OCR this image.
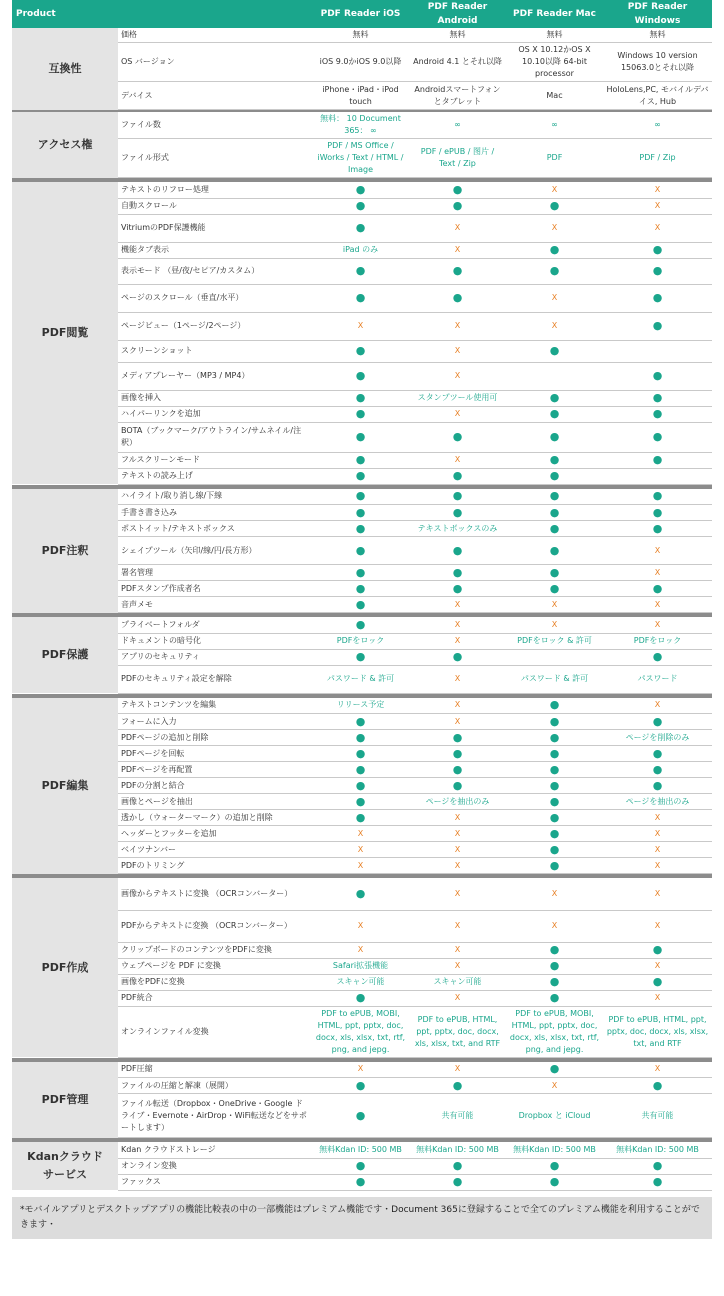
Product		PDF Reader iOS	PDF Reader Android	PDF Reader Mac	PDF Reader Windows
互換性	価格	無料	無料	無料	無料
	OS バージョン	iOS 9.0かiOS 9.0以降	Android 4.1 とそれ以降	OS X 10.12かOS X 10.10以降 64-bit processor	Windows 10 version 15063.0とそれ以降
	デバイス	iPhone・iPad・iPod touch	Androidスマートフォンとタブレット	Mac	HoloLens,PC, モバイルデバイス, Hub

アクセス権	ファイル数	無料： 10 Document 365： ∞	∞	∞	∞
	ファイル形式	PDF / MS Office / iWorks / Text / HTML / Image	PDF / ePUB / 图片 / Text / Zip	PDF	PDF / Zip

PDF閲覧	テキストのリフロー処理	●	●	X	X
	自動スクロール	●	●	●	X
	VitriumのPDF保護機能	●	X	X	X
	機能タブ表示	iPad のみ	X	●	●
	表示モード （昼/夜/セピア/カスタム）	●	●	●	●
	ページのスクロール（垂直/水平）	●	●	X	●
	ページビュー（1ページ/2ページ）	X	X	X	●
	スクリーンショット	●	X	●	
	メディアプレーヤー（MP3 / MP4）	●	X		●
	画像を挿入	●	スタンプツール使用可	●	●
	ハイパーリンクを追加	●	X	●	●
	BOTA（ブックマーク/アウトライン/サムネイル/注釈）	●	●	●	●
	フルスクリーンモード	●	X	●	●
	テキストの読み上げ	●	●	●	

PDF注釈	ハイライト/取り消し線/下線	●	●	●	●
	手書き書き込み	●	●	●	●
	ポストイット/テキストボックス	●	テキストボックスのみ	●	●
	シェイプツール（矢印/線/円/長方形）	●	●	●	X
	署名管理	●	●	●	X
	PDFスタンプ作成者名	●	●	●	●
	音声メモ	●	X	X	X

PDF保護	プライベートフォルダ	●	X	X	X
	ドキュメントの暗号化	PDFをロック	X	PDFをロック & 許可	PDFをロック
	アプリのセキュリティ	●	●		●
	PDFのセキュリティ設定を解除	パスワード & 許可	X	パスワード & 許可	パスワード

PDF編集	テキストコンテンツを編集	リリース予定	X	●	X
	フォームに入力	●	X	●	●
	PDFページの追加と削除	●	●	●	ページを削除のみ
	PDFページを回転	●	●	●	●
	PDFページを再配置	●	●	●	●
	PDFの分割と結合	●	●	●	●
	画像とページを抽出	●	ページを抽出のみ	●	ページを抽出のみ
	透かし（ウォーターマーク）の追加と削除	●	X	●	X
	ヘッダーとフッターを追加	X	X	●	X
	ベイツナンバー	X	X	●	X
	PDFのトリミング	X	X	●	X

PDF作成	画像からテキストに変換 （OCRコンバーター）	●	X	X	X
	PDFからテキストに変換 （OCRコンバーター）	X	X	X	X
	クリップボードのコンテンツをPDFに変換	X	X	●	●
	ウェブページを PDF に変換	Safari拡張機能	X	●	X
	画像をPDFに変換	スキャン可能	スキャン可能	●	●
	PDF統合	●	X	●	X
	オンラインファイル変換	PDF to ePUB, MOBI, HTML, ppt, pptx, doc, docx, xls, xlsx, txt, rtf, png, and jepg.	PDF to ePUB, HTML, ppt, pptx, doc, docx, xls, xlsx, txt, and RTF	PDF to ePUB, MOBI, HTML, ppt, pptx, doc, docx, xls, xlsx, txt, rtf, png, and jepg.	PDF to ePUB, HTML, ppt, pptx, doc, docx, xls, xlsx, txt, and RTF

PDF管理	PDF圧縮	X	X	●	X
	ファイルの圧縮と解凍（展開）	●	●	X	●
	ファイル転送（Dropbox・OneDrive・Google ドライブ・Evernote・AirDrop・WiFi転送などをサポートします）	●	共有可能	Dropbox と iCloud	共有可能

Kdanクラウドサービス	Kdan クラウドストレージ	無料Kdan ID: 500 MB	無料Kdan ID: 500 MB	無料Kdan ID: 500 MB	無料Kdan ID: 500 MB
	オンライン変換	●	●	●	●
	ファックス	●	●	●	●
*モバイルアプリとデスクトップアプリの機能比較表の中の一部機能はプレミアム機能です・Document 365に登録することで全てのプレミアム機能を利用することができます・
